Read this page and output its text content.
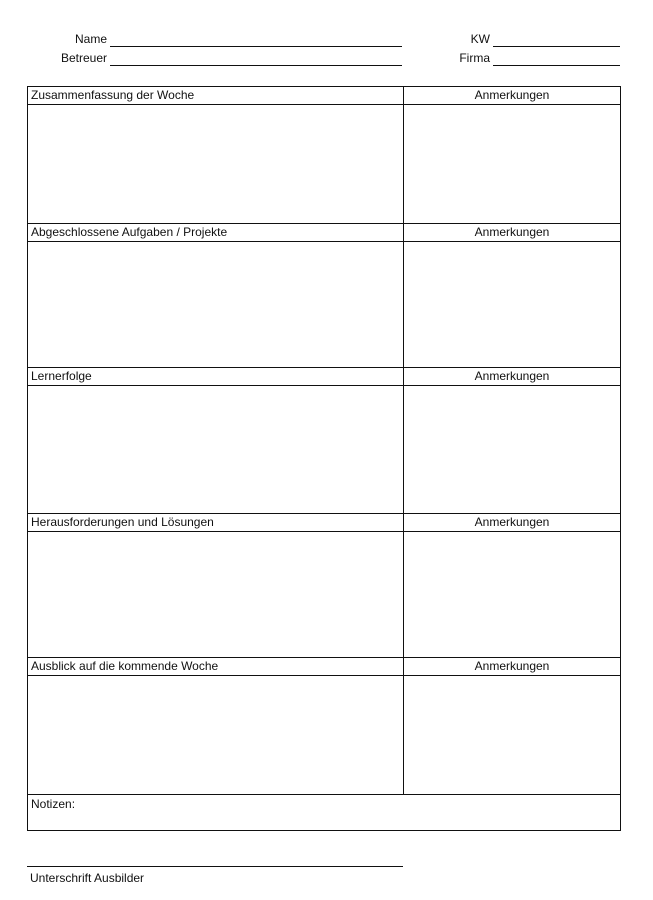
Name	KW
Betreuer	Firma
Zusammenfassung der Woche	Anmerkungen

Abgeschlossene Aufgaben / Projekte	Anmerkungen

Lernerfolge	Anmerkungen

Herausforderungen und Lösungen	Anmerkungen

Ausblick auf die kommende Woche	Anmerkungen

Notizen:	
Unterschrift Ausbilder
